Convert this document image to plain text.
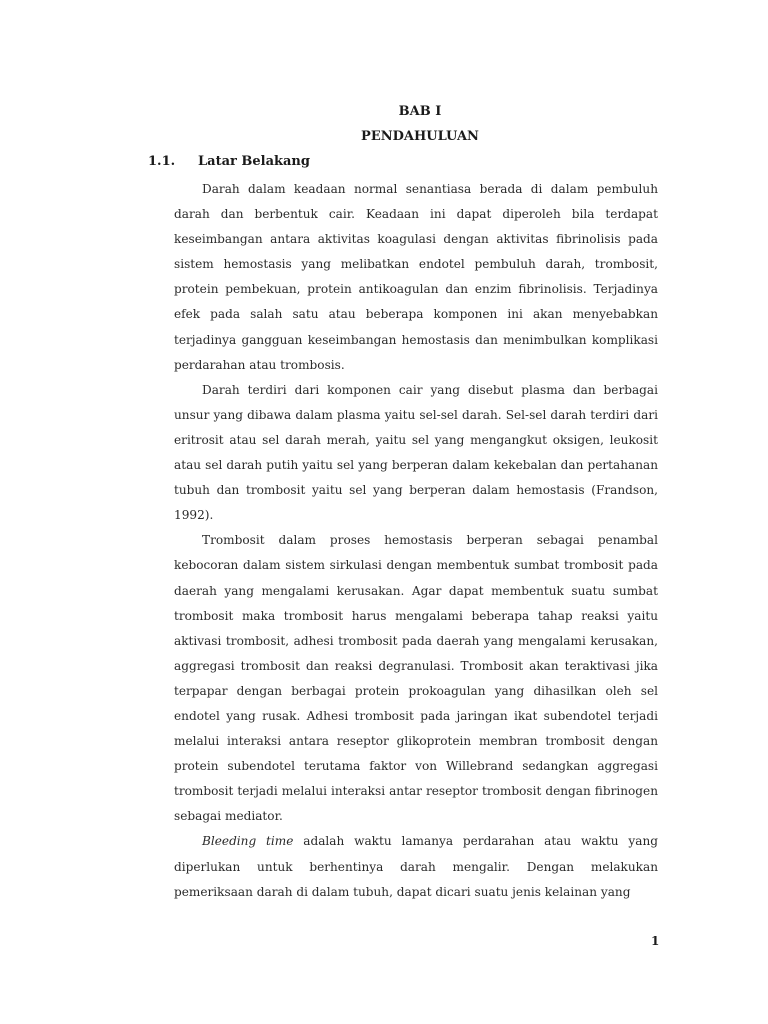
BAB I
PENDAHULUAN
1.1. Latar Belakang

Darah dalam keadaan normal senantiasa berada di dalam pembuluh darah dan berbentuk cair. Keadaan ini dapat diperoleh bila terdapat keseimbangan antara aktivitas koagulasi dengan aktivitas fibrinolisis pada sistem hemostasis yang melibatkan endotel pembuluh darah, trombosit, protein pembekuan, protein antikoagulan dan enzim fibrinolisis. Terjadinya efek pada salah satu atau beberapa komponen ini akan menyebabkan terjadinya gangguan keseimbangan hemostasis dan menimbulkan komplikasi perdarahan atau trombosis.

Darah terdiri dari komponen cair yang disebut plasma dan berbagai unsur yang dibawa dalam plasma yaitu sel-sel darah. Sel-sel darah terdiri dari eritrosit atau sel darah merah, yaitu sel yang mengangkut oksigen, leukosit atau sel darah putih yaitu sel yang berperan dalam kekebalan dan pertahanan tubuh dan trombosit yaitu sel yang berperan dalam hemostasis (Frandson, 1992).

Trombosit dalam proses hemostasis berperan sebagai penambal kebocoran dalam sistem sirkulasi dengan membentuk sumbat trombosit pada daerah yang mengalami kerusakan. Agar dapat membentuk suatu sumbat trombosit maka trombosit harus mengalami beberapa tahap reaksi yaitu aktivasi trombosit, adhesi trombosit pada daerah yang mengalami kerusakan, aggregasi trombosit dan reaksi degranulasi. Trombosit akan teraktivasi jika terpapar dengan berbagai protein prokoagulan yang dihasilkan oleh sel endotel yang rusak. Adhesi trombosit pada jaringan ikat subendotel terjadi melalui interaksi antara reseptor glikoprotein membran trombosit dengan protein subendotel terutama faktor von Willebrand sedangkan aggregasi trombosit terjadi melalui interaksi antar reseptor trombosit dengan fibrinogen sebagai mediator.

Bleeding time adalah waktu lamanya perdarahan atau waktu yang diperlukan untuk berhentinya darah mengalir. Dengan melakukan pemeriksaan darah di dalam tubuh, dapat dicari suatu jenis kelainan yang

1
